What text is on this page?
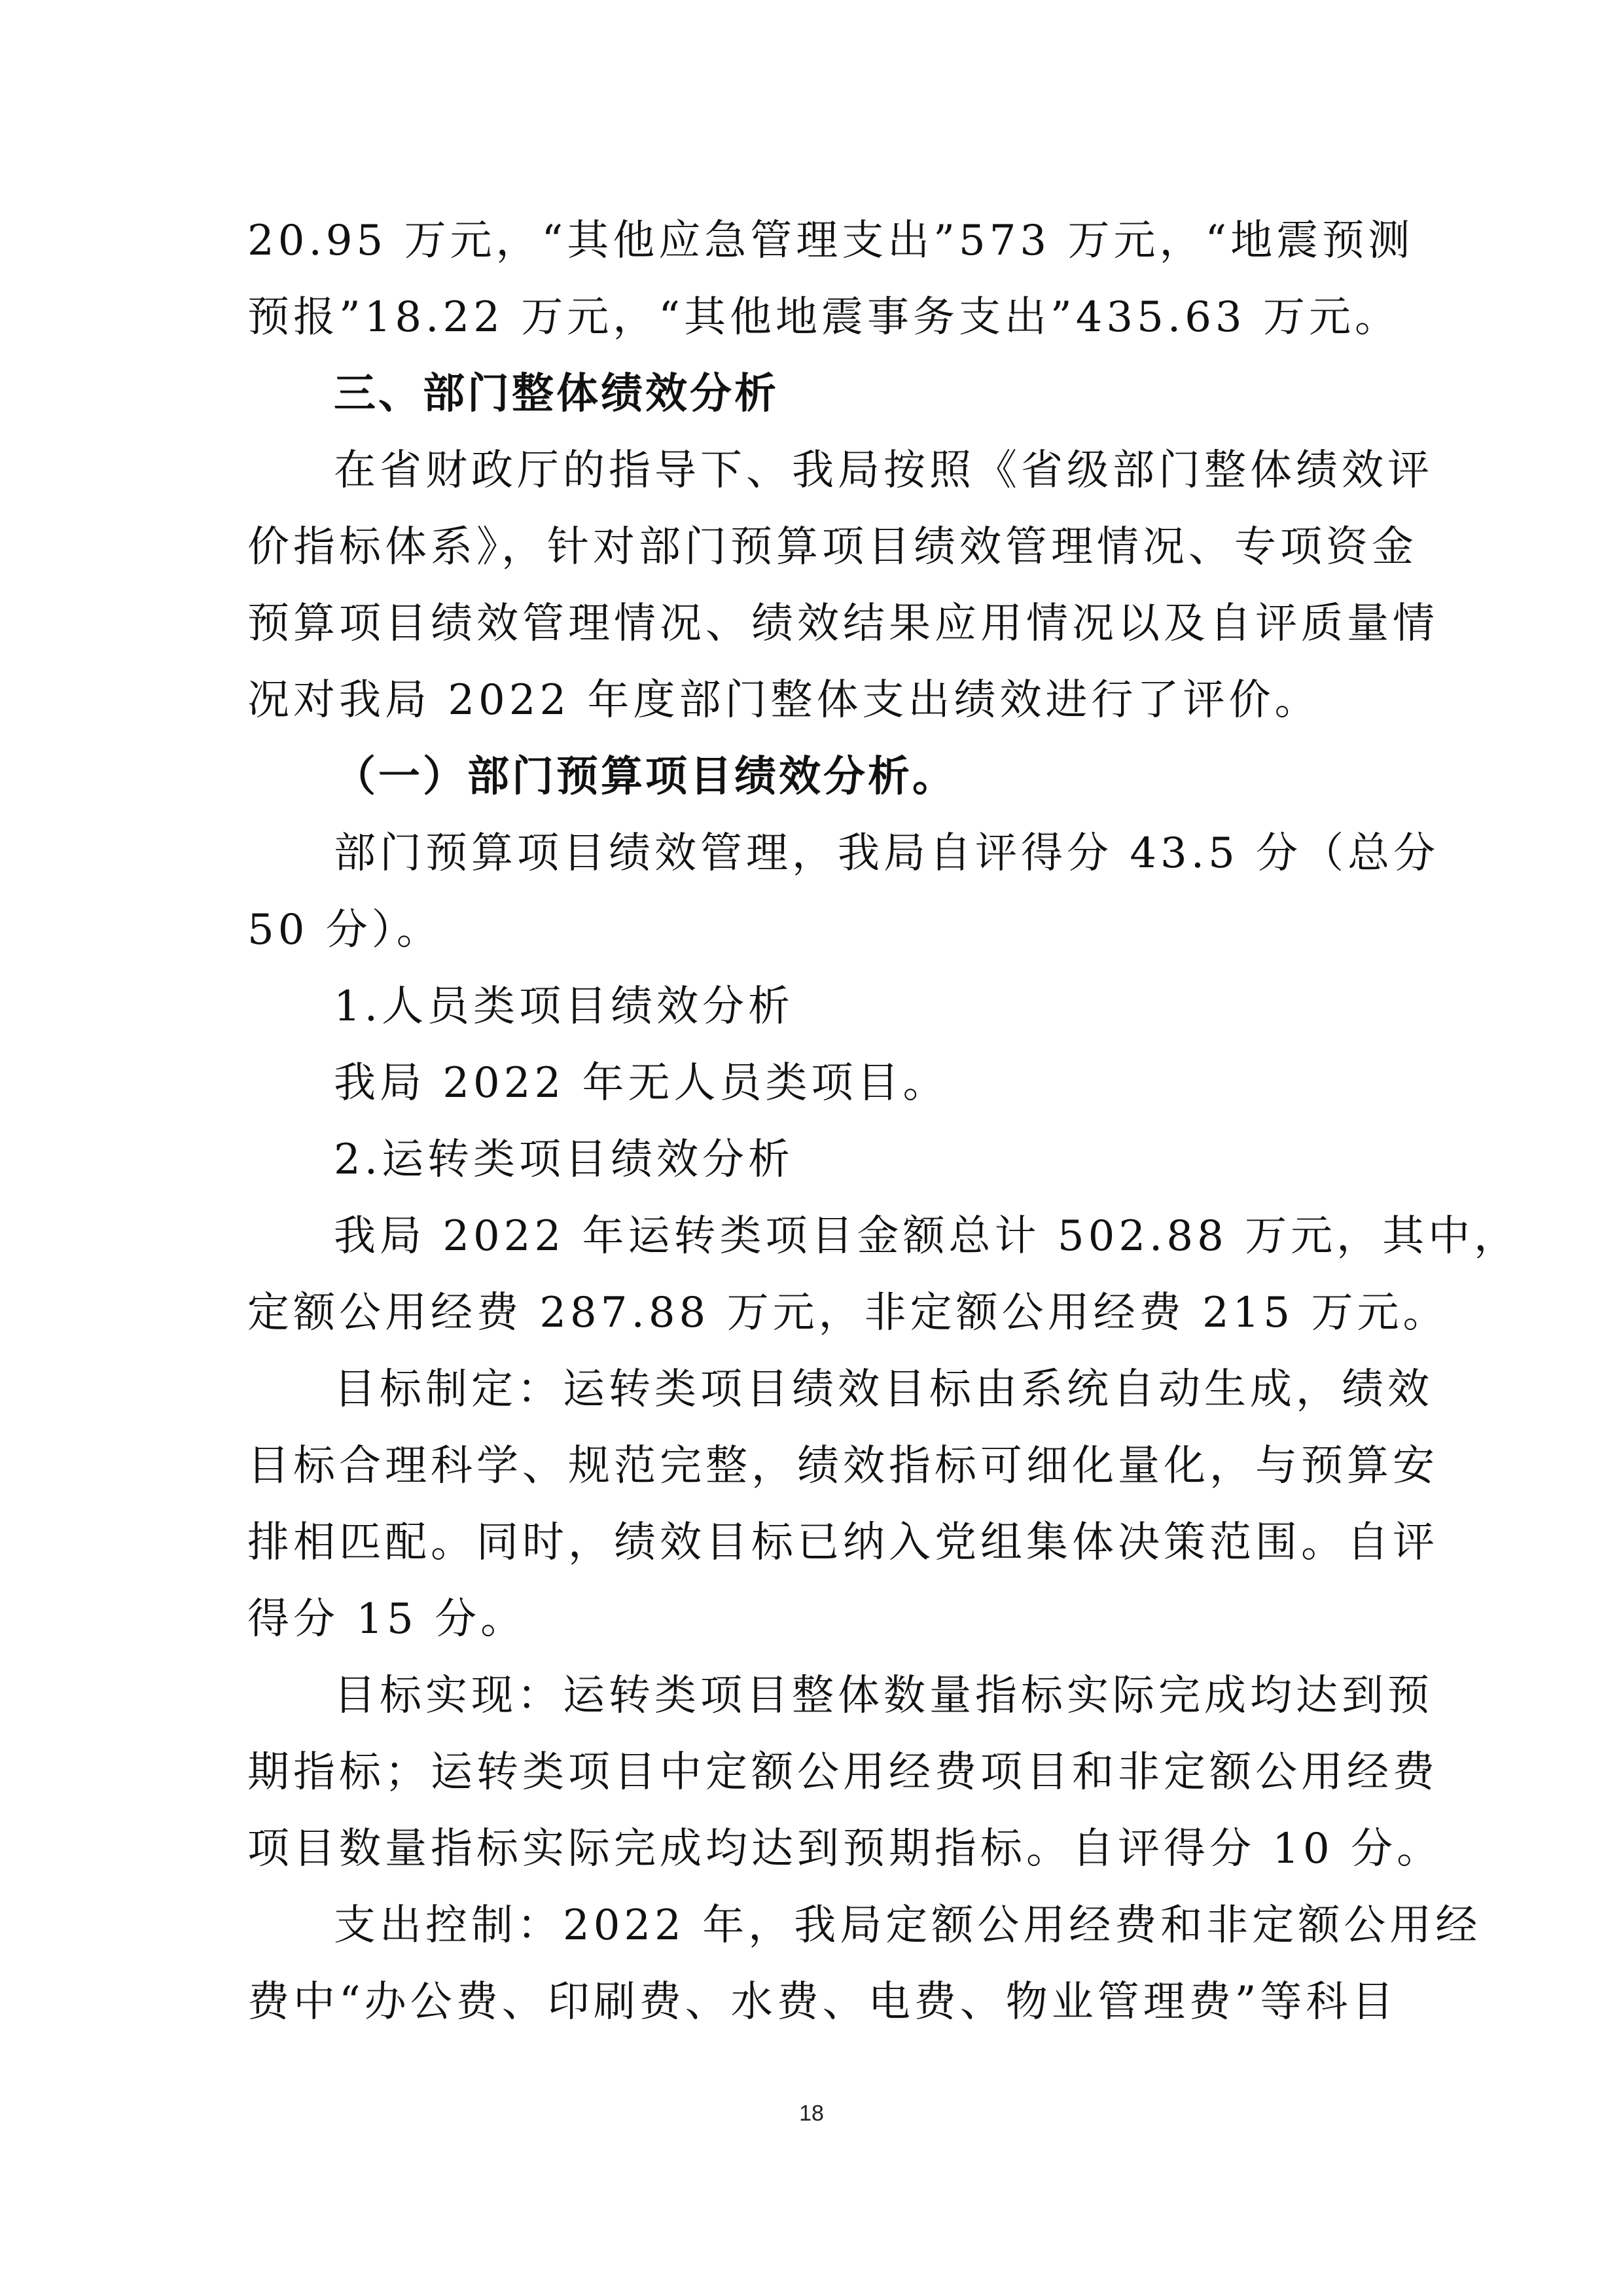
20.95 万元，“其他应急管理支出”573 万元，“地震预测
预报”18.22 万元，“其他地震事务支出”435.63 万元。
三、部门整体绩效分析
在省财政厅的指导下、我局按照《省级部门整体绩效评
价指标体系》，针对部门预算项目绩效管理情况、专项资金
预算项目绩效管理情况、绩效结果应用情况以及自评质量情
况对我局 2022 年度部门整体支出绩效进行了评价。
（一）部门预算项目绩效分析。
部门预算项目绩效管理，我局自评得分 43.5 分（总分
50 分）。
1.人员类项目绩效分析
我局 2022 年无人员类项目。
2.运转类项目绩效分析
我局 2022 年运转类项目金额总计 502.88 万元，其中，
定额公用经费 287.88 万元，非定额公用经费 215 万元。
目标制定：运转类项目绩效目标由系统自动生成，绩效
目标合理科学、规范完整，绩效指标可细化量化，与预算安
排相匹配。同时，绩效目标已纳入党组集体决策范围。自评
得分 15 分。
目标实现：运转类项目整体数量指标实际完成均达到预
期指标；运转类项目中定额公用经费项目和非定额公用经费
项目数量指标实际完成均达到预期指标。自评得分 10 分。
支出控制：2022 年，我局定额公用经费和非定额公用经
费中“办公费、印刷费、水费、电费、物业管理费”等科目
18
